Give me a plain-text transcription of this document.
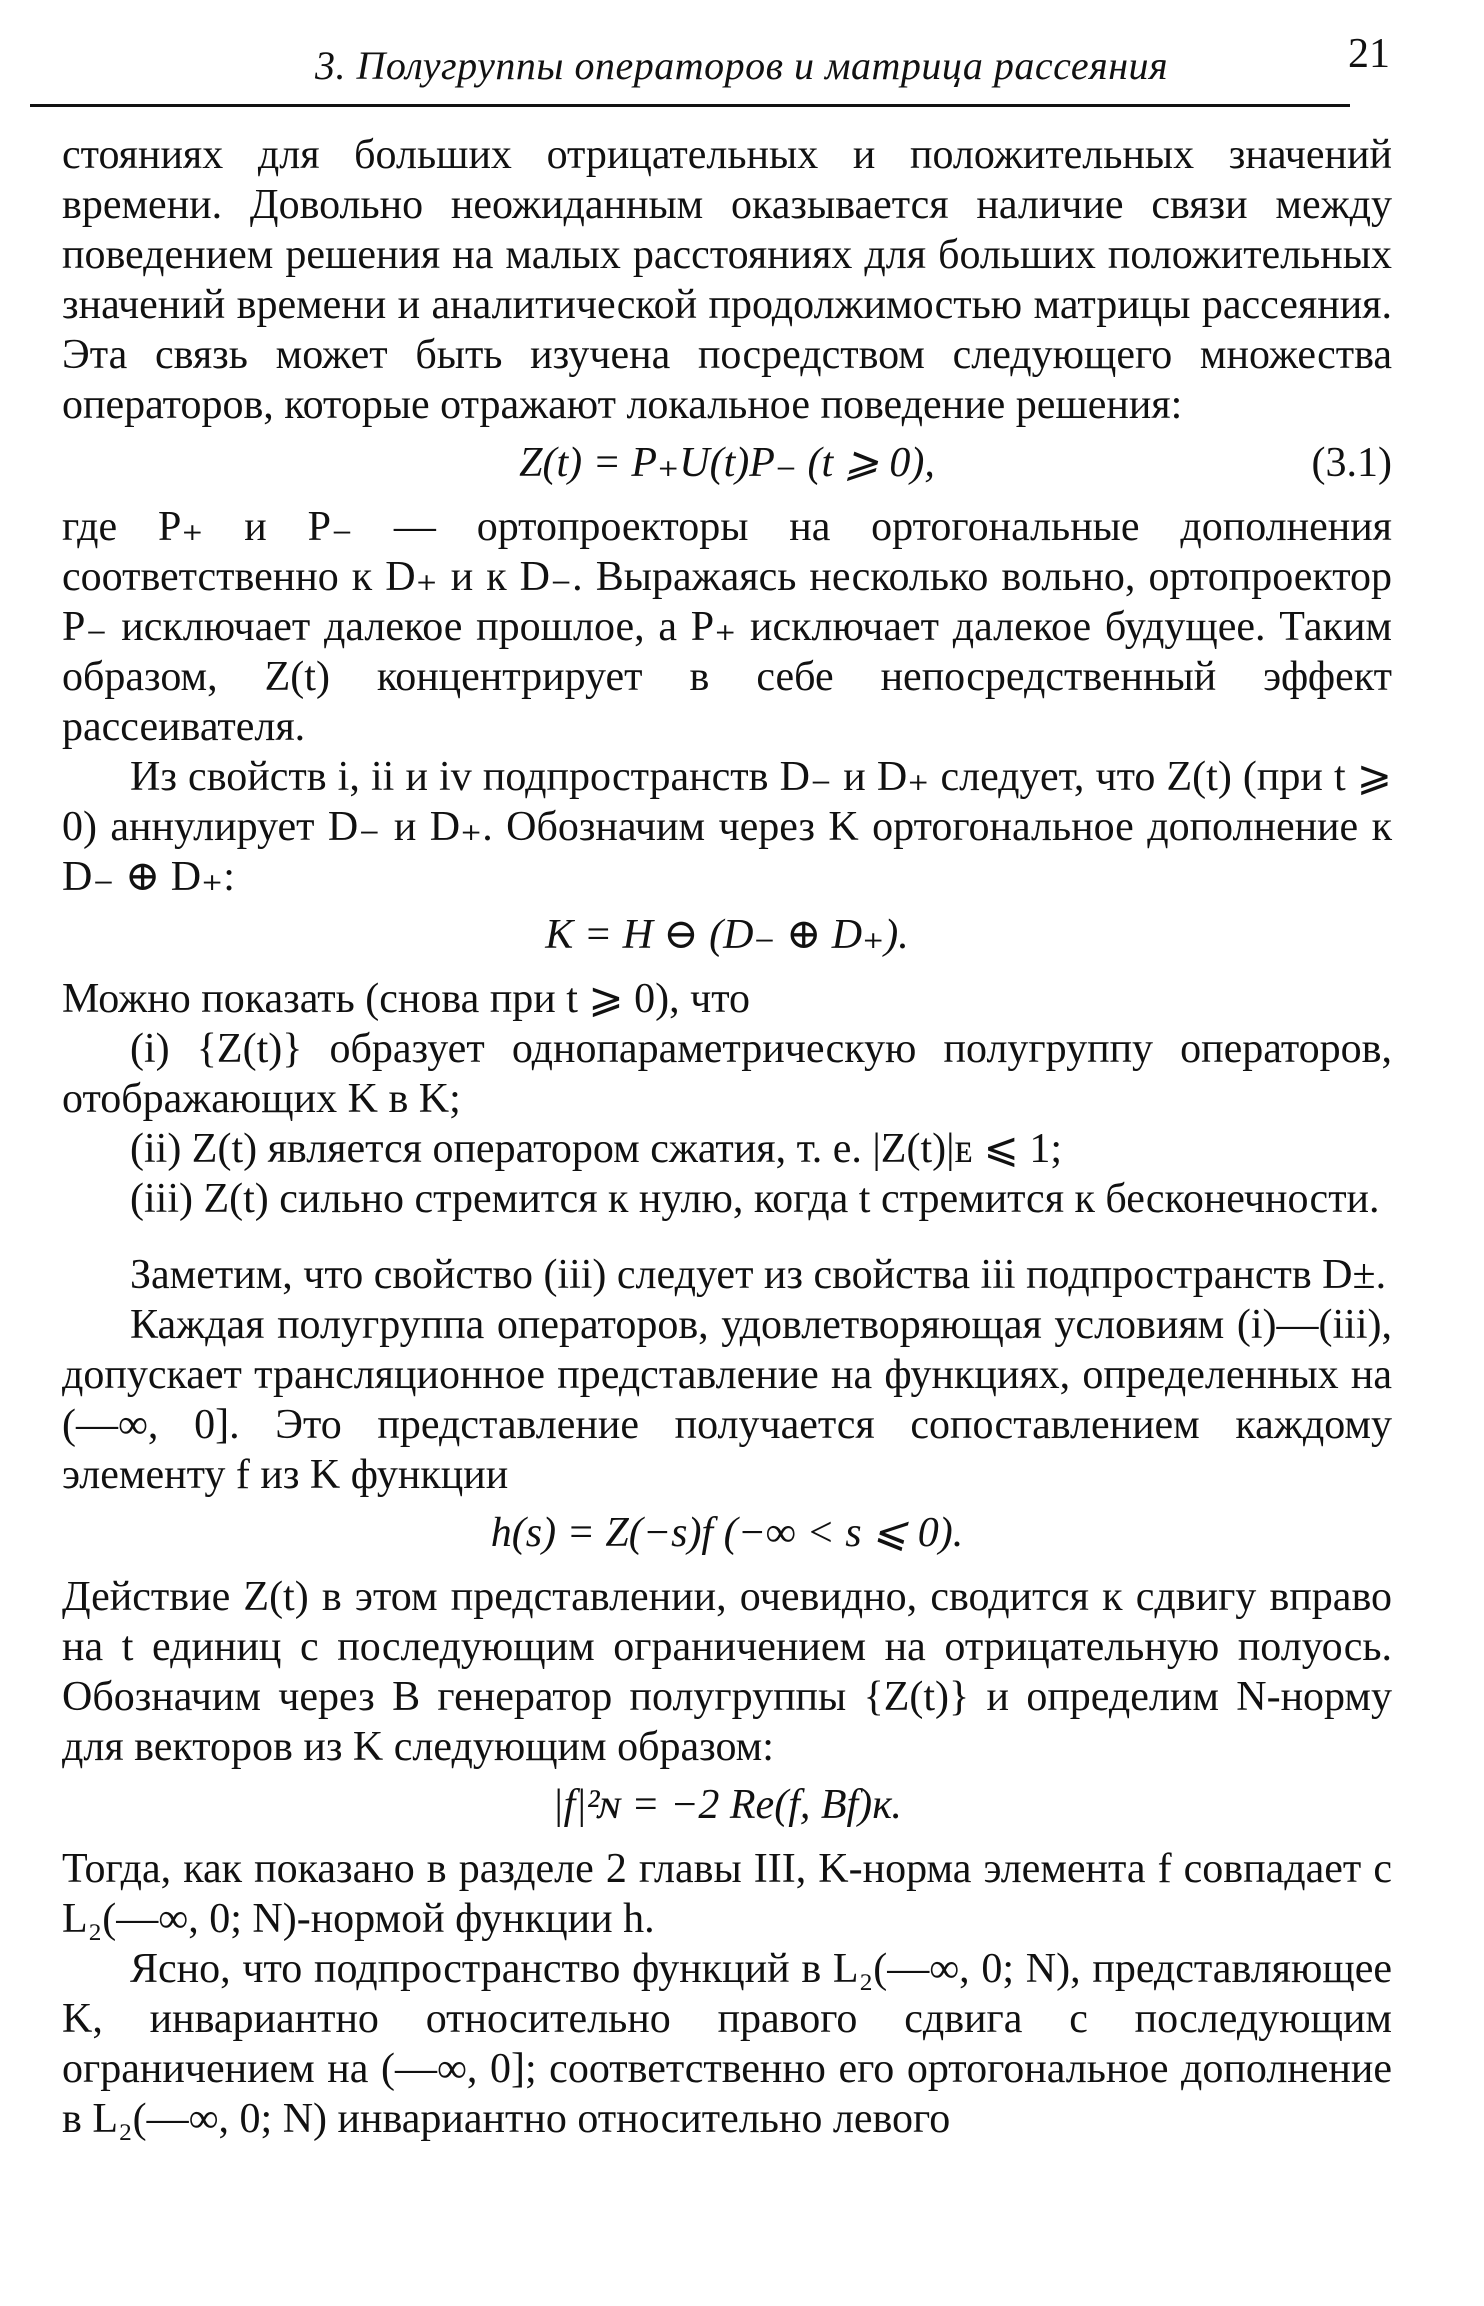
3. Полугруппы операторов и матрица рассеяния	21

стояниях для больших отрицательных и положительных значений времени. Довольно неожиданным оказывается наличие связи между поведением решения на малых расстояниях для больших положительных значений времени и аналитической продолжимостью матрицы рассеяния. Эта связь может быть изучена посредством следующего множества операторов, которые отражают локальное поведение решения:

Z(t) = P₊U(t)P₋ (t ⩾ 0),	(3.1)

где P₊ и P₋ — ортопроекторы на ортогональные дополнения соответственно к D₊ и к D₋. Выражаясь несколько вольно, ортопроектор P₋ исключает далекое прошлое, а P₊ исключает далекое будущее. Таким образом, Z(t) концентрирует в себе непосредственный эффект рассеивателя.

Из свойств i, ii и iv подпространств D₋ и D₊ следует, что Z(t) (при t ⩾ 0) аннулирует D₋ и D₊. Обозначим через K ортогональное дополнение к D₋ ⊕ D₊:

K = H ⊖ (D₋ ⊕ D₊).

Можно показать (снова при t ⩾ 0), что

(i) {Z(t)} образует однопараметрическую полугруппу операторов, отображающих K в K;

(ii) Z(t) является оператором сжатия, т. е. |Z(t)|ᴇ ⩽ 1;

(iii) Z(t) сильно стремится к нулю, когда t стремится к бесконечности.

Заметим, что свойство (iii) следует из свойства iii подпространств D±.

Каждая полугруппа операторов, удовлетворяющая условиям (i)—(iii), допускает трансляционное представление на функциях, определенных на (—∞, 0]. Это представление получается сопоставлением каждому элементу f из K функции

h(s) = Z(−s)f (−∞ < s ⩽ 0).

Действие Z(t) в этом представлении, очевидно, сводится к сдвигу вправо на t единиц с последующим ограничением на отрицательную полуось. Обозначим через B генератор полугруппы {Z(t)} и определим N-норму для векторов из K следующим образом:

|f|²ɴ = −2 Re(f, Bf)ᴋ.

Тогда, как показано в разделе 2 главы III, K-норма элемента f совпадает с L₂(—∞, 0; N)-нормой функции h.

Ясно, что подпространство функций в L₂(—∞, 0; N), представляющее K, инвариантно относительно правого сдвига с последующим ограничением на (—∞, 0]; соответственно его ортогональное дополнение в L₂(—∞, 0; N) инвариантно относительно левого
